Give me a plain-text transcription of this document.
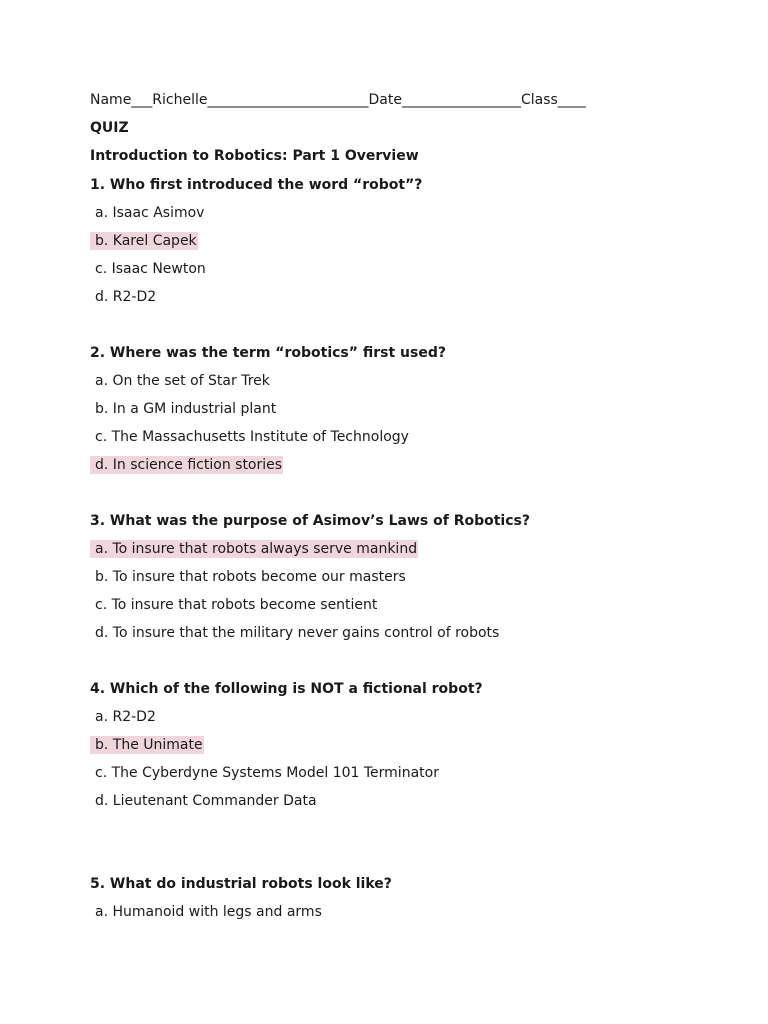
Name___Richelle_______________________Date_________________Class____
QUIZ
Introduction to Robotics: Part 1 Overview
1. Who first introduced the word “robot”?
a. Isaac Asimov
b. Karel Capek
c. Isaac Newton
d. R2-D2
2. Where was the term “robotics” first used?
a. On the set of Star Trek
b. In a GM industrial plant
c. The Massachusetts Institute of Technology
d. In science fiction stories
3. What was the purpose of Asimov’s Laws of Robotics?
a. To insure that robots always serve mankind
b. To insure that robots become our masters
c. To insure that robots become sentient
d. To insure that the military never gains control of robots
4. Which of the following is NOT a fictional robot?
a. R2-D2
b. The Unimate
c. The Cyberdyne Systems Model 101 Terminator
d. Lieutenant Commander Data
5. What do industrial robots look like?
a. Humanoid with legs and arms
